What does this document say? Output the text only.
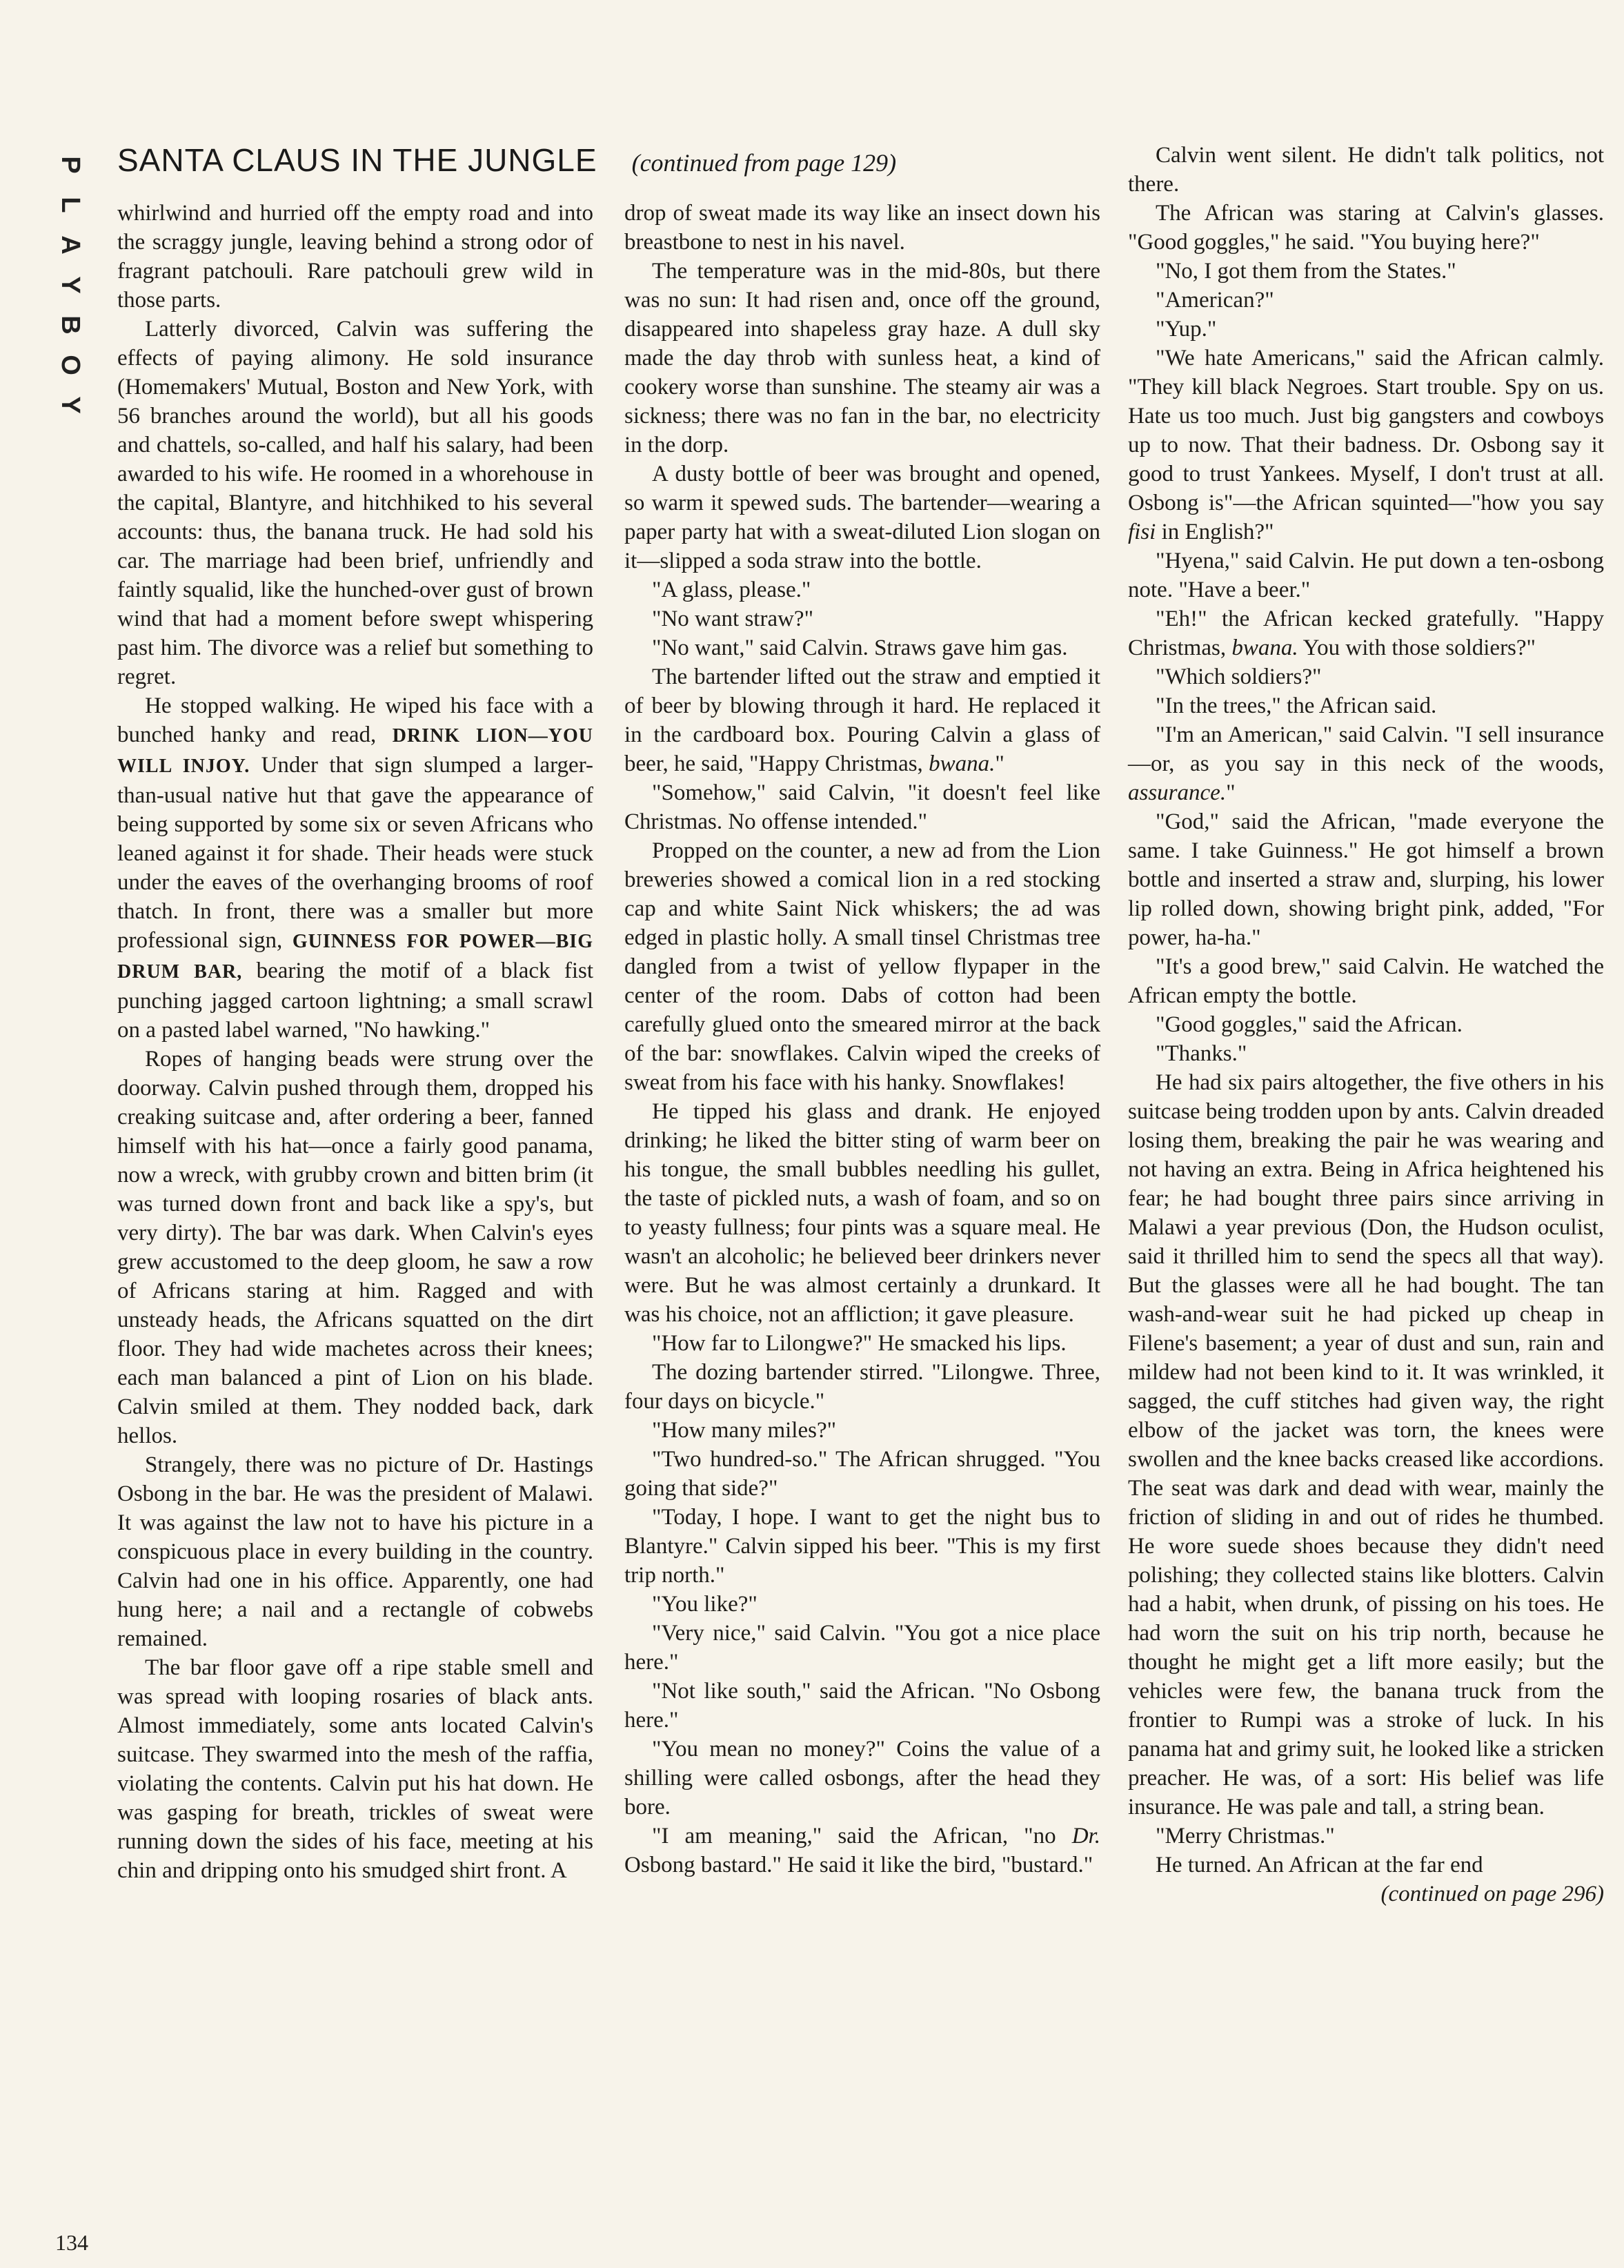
P
L
A
Y
B
O
Y
SANTA CLAUS IN THE JUNGLE (continued from page 129)

whirlwind and hurried off the empty road and into the scraggy jungle, leaving behind a strong odor of fragrant patchouli. Rare patchouli grew wild in those parts.

Latterly divorced, Calvin was suffering the effects of paying alimony. He sold insurance (Homemakers' Mutual, Boston and New York, with 56 branches around the world), but all his goods and chattels, so-called, and half his salary, had been awarded to his wife. He roomed in a whorehouse in the capital, Blantyre, and hitchhiked to his several accounts: thus, the banana truck. He had sold his car. The marriage had been brief, unfriendly and faintly squalid, like the hunched-over gust of brown wind that had a moment before swept whispering past him. The divorce was a relief but something to regret.

He stopped walking. He wiped his face with a bunched hanky and read, DRINK LION—YOU WILL INJOY. Under that sign slumped a larger-than-usual native hut that gave the appearance of being supported by some six or seven Africans who leaned against it for shade. Their heads were stuck under the eaves of the overhanging brooms of roof thatch. In front, there was a smaller but more professional sign, GUINNESS FOR POWER—BIG DRUM BAR, bearing the motif of a black fist punching jagged cartoon lightning; a small scrawl on a pasted label warned, "No hawking."

Ropes of hanging beads were strung over the doorway. Calvin pushed through them, dropped his creaking suitcase and, after ordering a beer, fanned himself with his hat—once a fairly good panama, now a wreck, with grubby crown and bitten brim (it was turned down front and back like a spy's, but very dirty). The bar was dark. When Calvin's eyes grew accustomed to the deep gloom, he saw a row of Africans staring at him. Ragged and with unsteady heads, the Africans squatted on the dirt floor. They had wide machetes across their knees; each man balanced a pint of Lion on his blade. Calvin smiled at them. They nodded back, dark hellos.

Strangely, there was no picture of Dr. Hastings Osbong in the bar. He was the president of Malawi. It was against the law not to have his picture in a conspicuous place in every building in the country. Calvin had one in his office. Apparently, one had hung here; a nail and a rectangle of cobwebs remained.

The bar floor gave off a ripe stable smell and was spread with looping rosaries of black ants. Almost immediately, some ants located Calvin's suitcase. They swarmed into the mesh of the raffia, violating the contents. Calvin put his hat down. He was gasping for breath, trickles of sweat were running down the sides of his face, meeting at his chin and dripping onto his smudged shirt front. A

drop of sweat made its way like an insect down his breastbone to nest in his navel.

The temperature was in the mid-80s, but there was no sun: It had risen and, once off the ground, disappeared into shapeless gray haze. A dull sky made the day throb with sunless heat, a kind of cookery worse than sunshine. The steamy air was a sickness; there was no fan in the bar, no electricity in the dorp.

A dusty bottle of beer was brought and opened, so warm it spewed suds. The bartender—wearing a paper party hat with a sweat-diluted Lion slogan on it—slipped a soda straw into the bottle.

"A glass, please."

"No want straw?"

"No want," said Calvin. Straws gave him gas.

The bartender lifted out the straw and emptied it of beer by blowing through it hard. He replaced it in the cardboard box. Pouring Calvin a glass of beer, he said, "Happy Christmas, bwana."

"Somehow," said Calvin, "it doesn't feel like Christmas. No offense intended."

Propped on the counter, a new ad from the Lion breweries showed a comical lion in a red stocking cap and white Saint Nick whiskers; the ad was edged in plastic holly. A small tinsel Christmas tree dangled from a twist of yellow flypaper in the center of the room. Dabs of cotton had been carefully glued onto the smeared mirror at the back of the bar: snowflakes. Calvin wiped the creeks of sweat from his face with his hanky. Snowflakes!

He tipped his glass and drank. He enjoyed drinking; he liked the bitter sting of warm beer on his tongue, the small bubbles needling his gullet, the taste of pickled nuts, a wash of foam, and so on to yeasty fullness; four pints was a square meal. He wasn't an alcoholic; he believed beer drinkers never were. But he was almost certainly a drunkard. It was his choice, not an affliction; it gave pleasure.

"How far to Lilongwe?" He smacked his lips.

The dozing bartender stirred. "Lilongwe. Three, four days on bicycle."

"How many miles?"

"Two hundred-so." The African shrugged. "You going that side?"

"Today, I hope. I want to get the night bus to Blantyre." Calvin sipped his beer. "This is my first trip north."

"You like?"

"Very nice," said Calvin. "You got a nice place here."

"Not like south," said the African. "No Osbong here."

"You mean no money?" Coins the value of a shilling were called osbongs, after the head they bore.

"I am meaning," said the African, "no Dr. Osbong bastard." He said it like the bird, "bustard."

Calvin went silent. He didn't talk politics, not there.

The African was staring at Calvin's glasses. "Good goggles," he said. "You buying here?"

"No, I got them from the States."

"American?"

"Yup."

"We hate Americans," said the African calmly. "They kill black Negroes. Start trouble. Spy on us. Hate us too much. Just big gangsters and cowboys up to now. That their badness. Dr. Osbong say it good to trust Yankees. Myself, I don't trust at all. Osbong is"—the African squinted—"how you say fisi in English?"

"Hyena," said Calvin. He put down a ten-osbong note. "Have a beer."

"Eh!" the African kecked gratefully. "Happy Christmas, bwana. You with those soldiers?"

"Which soldiers?"

"In the trees," the African said.

"I'm an American," said Calvin. "I sell insurance—or, as you say in this neck of the woods, assurance."

"God," said the African, "made everyone the same. I take Guinness." He got himself a brown bottle and inserted a straw and, slurping, his lower lip rolled down, showing bright pink, added, "For power, ha-ha."

"It's a good brew," said Calvin. He watched the African empty the bottle.

"Good goggles," said the African.

"Thanks."

He had six pairs altogether, the five others in his suitcase being trodden upon by ants. Calvin dreaded losing them, breaking the pair he was wearing and not having an extra. Being in Africa heightened his fear; he had bought three pairs since arriving in Malawi a year previous (Don, the Hudson oculist, said it thrilled him to send the specs all that way). But the glasses were all he had bought. The tan wash-and-wear suit he had picked up cheap in Filene's basement; a year of dust and sun, rain and mildew had not been kind to it. It was wrinkled, it sagged, the cuff stitches had given way, the right elbow of the jacket was torn, the knees were swollen and the knee backs creased like accordions. The seat was dark and dead with wear, mainly the friction of sliding in and out of rides he thumbed. He wore suede shoes because they didn't need polishing; they collected stains like blotters. Calvin had a habit, when drunk, of pissing on his toes. He had worn the suit on his trip north, because he thought he might get a lift more easily; but the vehicles were few, the banana truck from the frontier to Rumpi was a stroke of luck. In his panama hat and grimy suit, he looked like a stricken preacher. He was, of a sort: His belief was life insurance. He was pale and tall, a string bean.

"Merry Christmas."

He turned. An African at the far end

(continued on page 296)

134
